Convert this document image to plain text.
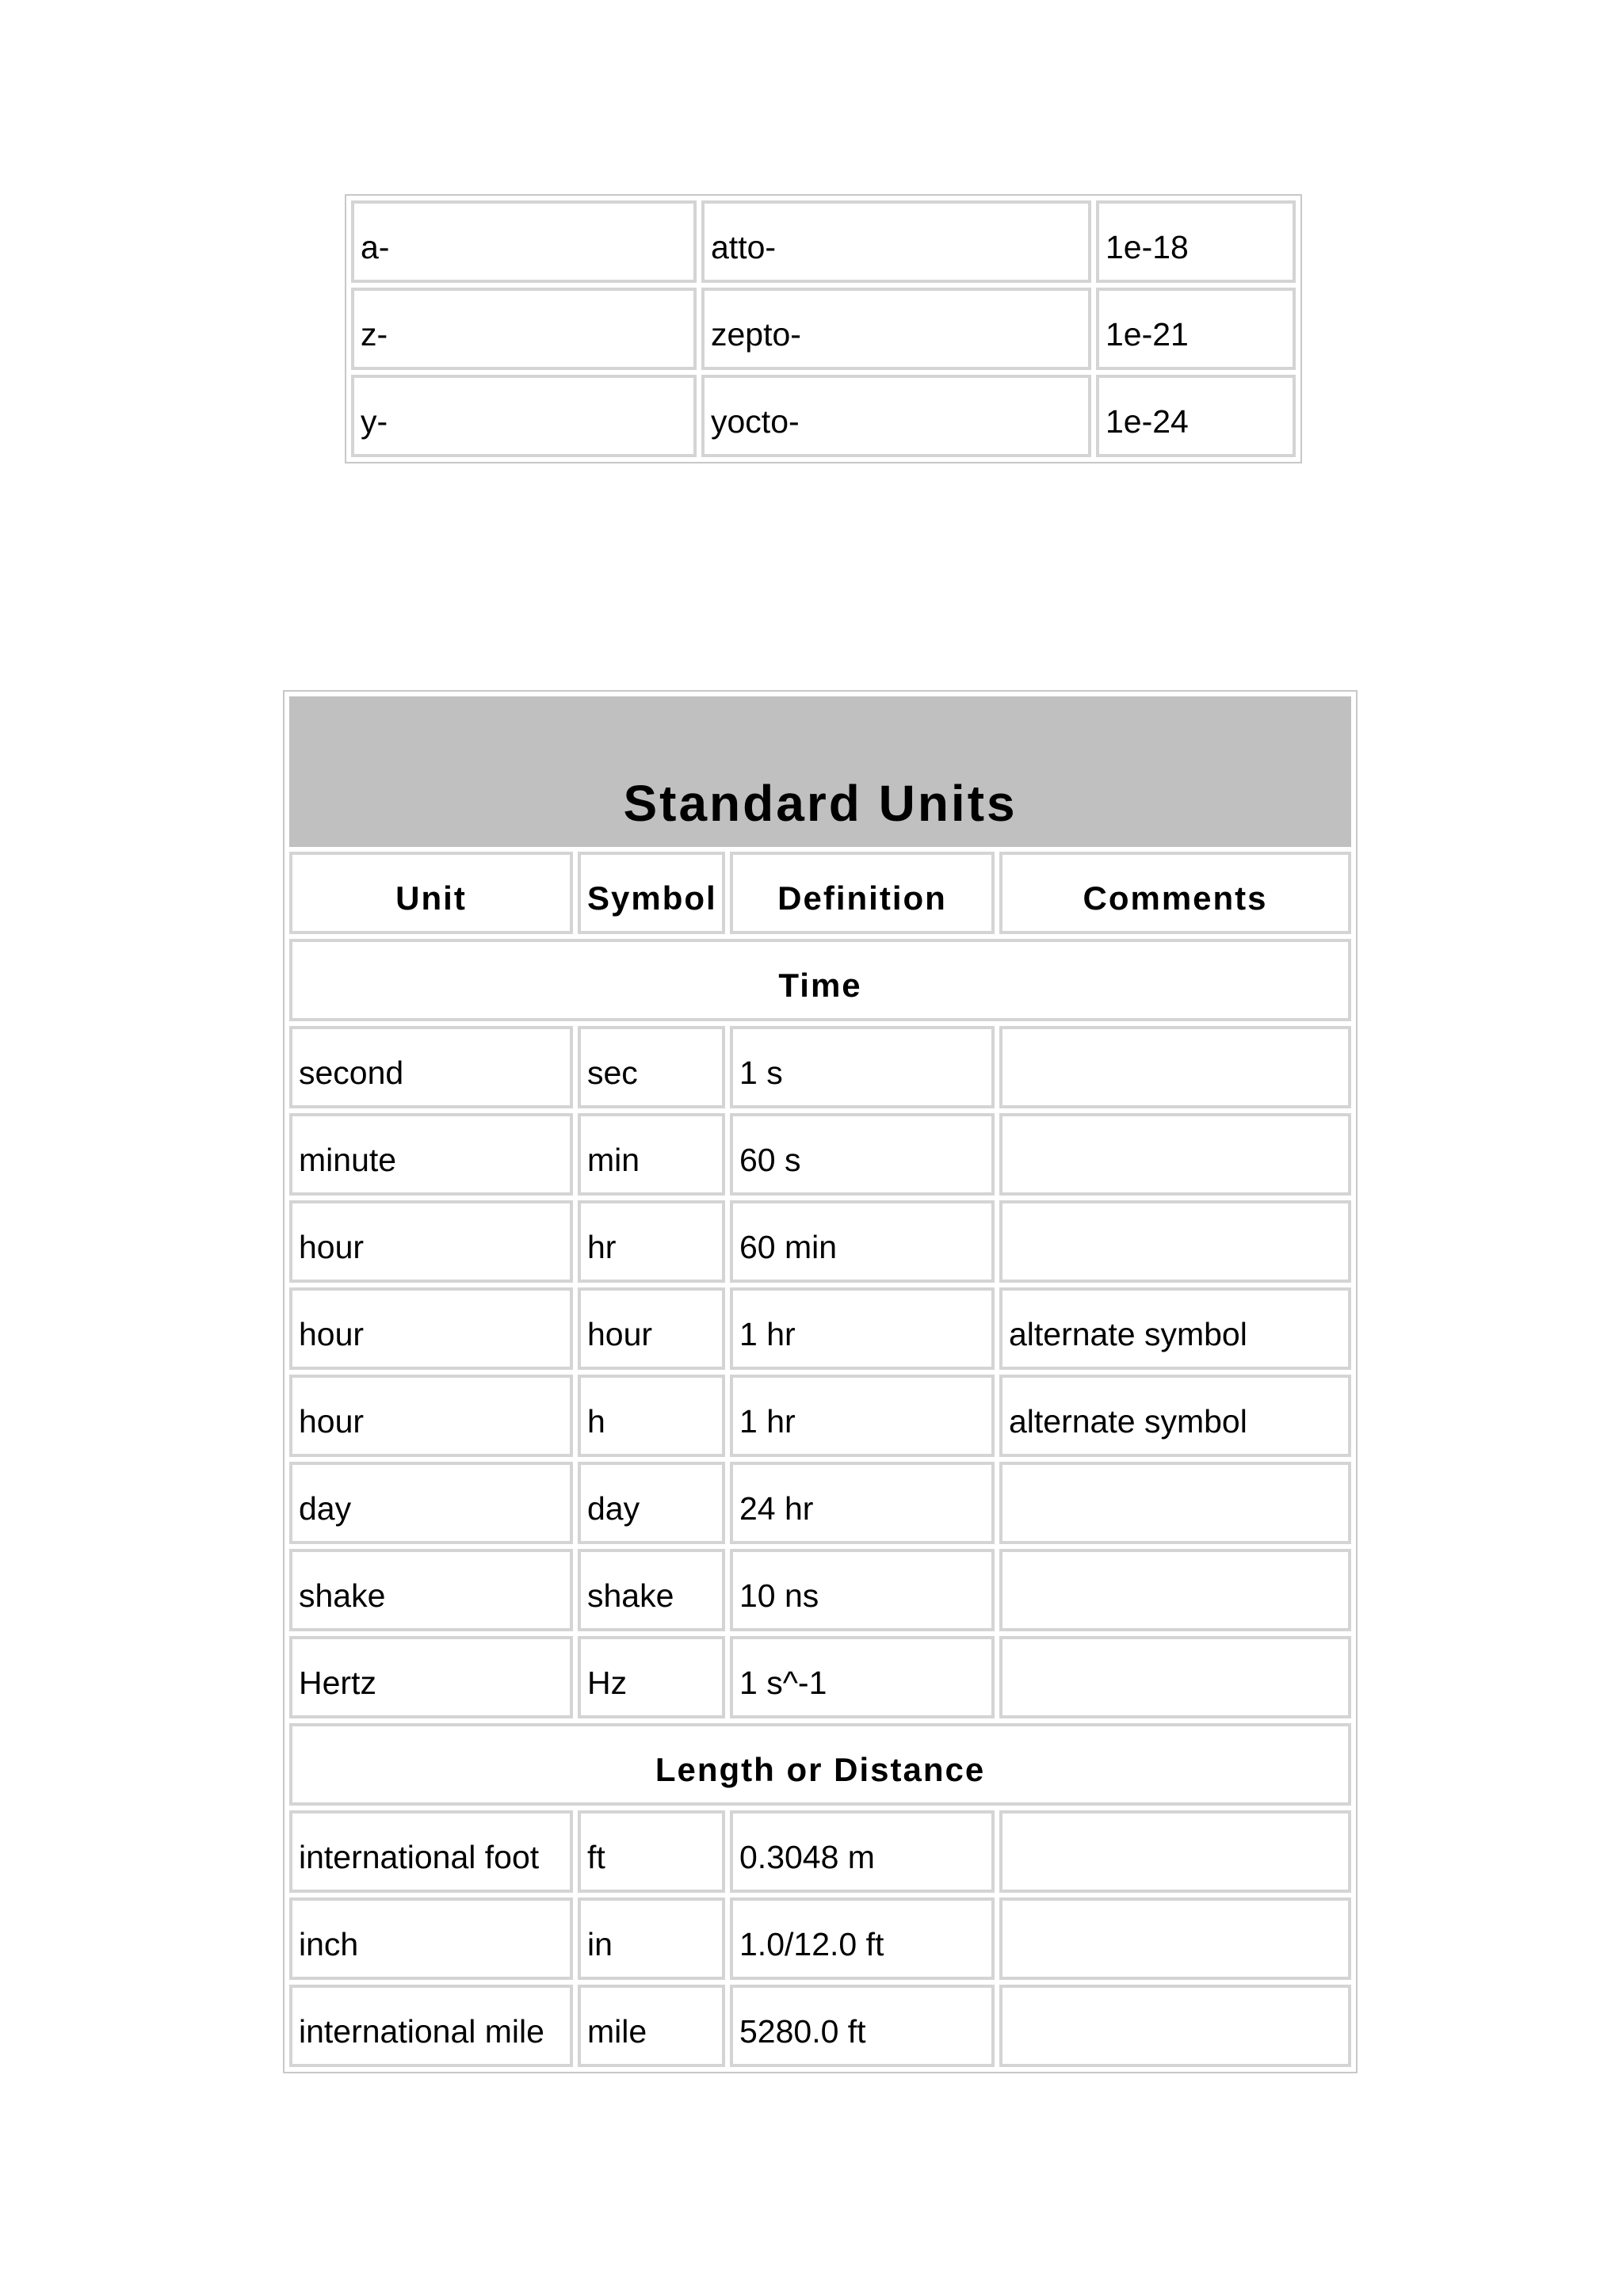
a-	atto-	1e-18
z-	zepto-	1e-21
y-	yocto-	1e-24
Standard Units			
Unit	Symbol	Definition	Comments
Time			
second	sec	1 s	
minute	min	60 s	
hour	hr	60 min	
hour	hour	1 hr	alternate symbol
hour	h	1 hr	alternate symbol
day	day	24 hr	
shake	shake	10 ns	
Hertz	Hz	1 s^-1	
Length or Distance			
international foot	ft	0.3048 m	
inch	in	1.0/12.0 ft	
international mile	mile	5280.0 ft	
